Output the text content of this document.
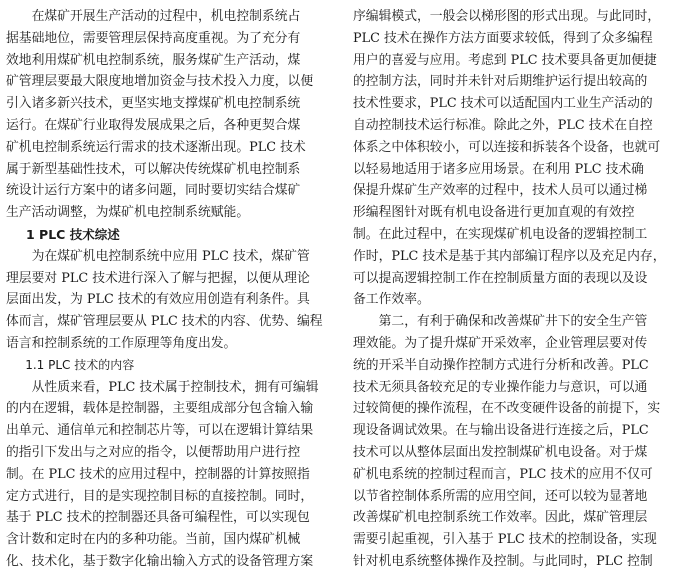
在煤矿开展生产活动的过程中，机电控制系统占
据基础地位，需要管理层保持高度重视。为了充分有
效地利用煤矿机电控制系统，服务煤矿生产活动，煤
矿管理层要最大限度地增加资金与技术投入力度，以便
引入诸多新兴技术，更坚实地支撑煤矿机电控制系统
运行。在煤矿行业取得发展成果之后，各种更契合煤
矿机电控制系统运行需求的技术逐渐出现。PLC 技术
属于新型基础性技术，可以解决传统煤矿机电控制系
统设计运行方案中的诸多问题，同时要切实结合煤矿
生产活动调整，为煤矿机电控制系统赋能。
1 PLC 技术综述
为在煤矿机电控制系统中应用 PLC 技术，煤矿管
理层要对 PLC 技术进行深入了解与把握，以便从理论
层面出发，为 PLC 技术的有效应用创造有利条件。具
体而言，煤矿管理层要从 PLC 技术的内容、优势、编程
语言和控制系统的工作原理等角度出发。
1.1 PLC 技术的内容
从性质来看，PLC 技术属于控制技术，拥有可编辑
的内在逻辑，载体是控制器，主要组成部分包含输入输
出单元、通信单元和控制芯片等，可以在逻辑计算结果
的指引下发出与之对应的指令，以便帮助用户进行控
制。在 PLC 技术的应用过程中，控制器的计算按照指
定方式进行，目的是实现控制目标的直接控制。同时，
基于 PLC 技术的控制器还具备可编程性，可以实现包
含计数和定时在内的多种功能。当前，国内煤矿机械
化、技术化，基于数字化输出输入方式的设备管理方案
序编辑模式，一般会以梯形图的形式出现。与此同时，
PLC 技术在操作方法方面要求较低，得到了众多编程
用户的喜爱与应用。考虑到 PLC 技术要具备更加便捷
的控制方法，同时并未针对后期维护运行提出较高的
技术性要求，PLC 技术可以适配国内工业生产活动的
自动控制技术运行标准。除此之外，PLC 技术在自控
体系之中体积较小，可以连接和拆装各个设备，也就可
以轻易地适用于诸多应用场景。在利用 PLC 技术确
保提升煤矿生产效率的过程中，技术人员可以通过梯
形编程图针对既有机电设备进行更加直观的有效控
制。在此过程中，在实现煤矿机电设备的逻辑控制工
作时，PLC 技术是基于其内部编订程序以及充足内存，
可以提高逻辑控制工作在控制质量方面的表现以及设
备工作效率。
第二，有利于确保和改善煤矿井下的安全生产管
理效能。为了提升煤矿开采效率，企业管理层要对传
统的开采半自动操作控制方式进行分析和改善。PLC
技术无须具备较充足的专业操作能力与意识，可以通
过较简便的操作流程，在不改变硬件设备的前提下，实
现设备调试效果。在与输出设备进行连接之后，PLC
技术可以从整体层面出发控制煤矿机电设备。对于煤
矿机电系统的控制过程而言，PLC 技术的应用不仅可
以节省控制体系所需的应用空间，还可以较为显著地
改善煤矿机电控制系统工作效率。因此，煤矿管理层
需要引起重视，引入基于 PLC 技术的控制设备，实现
针对机电系统整体操作及控制。与此同时，PLC 控制
